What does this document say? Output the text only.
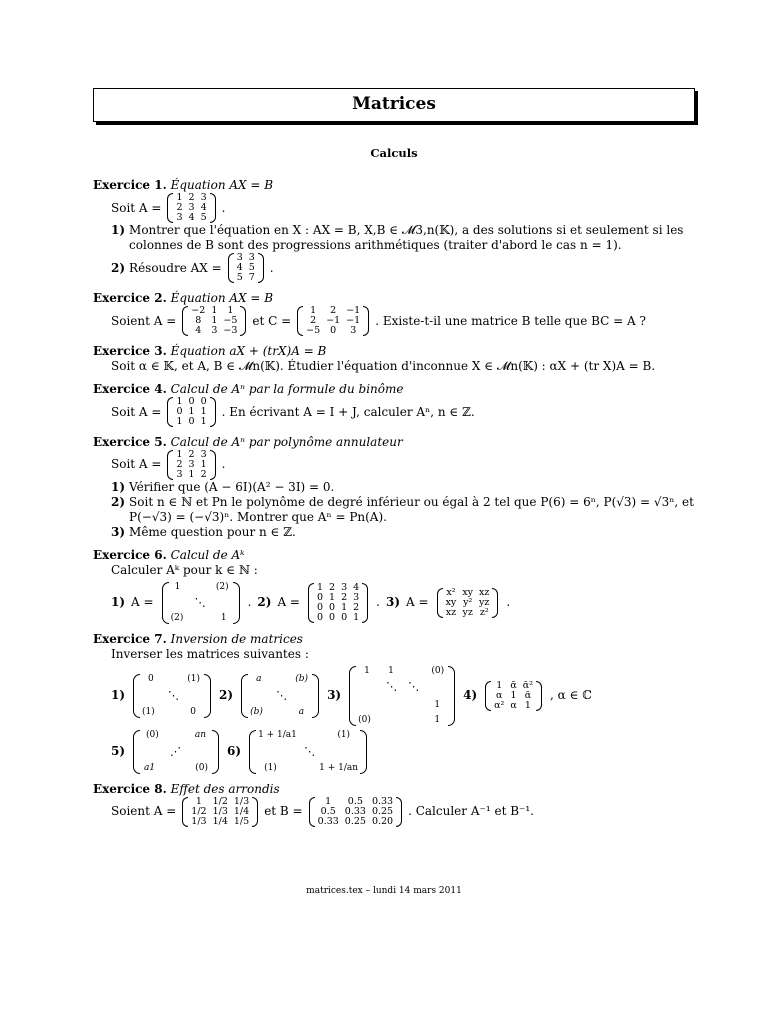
Matrices
Calculs
Exercice 1. Équation AX = B
Soit A =
1	2	3
2	3	4
3	4	5
.
1) Montrer que l'équation en X : AX = B, X,B ∈ 𝓜3,n(𝕂), a des solutions si et seulement si les colonnes de B sont des progressions arithmétiques (traiter d'abord le cas n = 1).
2) Résoudre AX =
3	3
4	5
5	7
.
Exercice 2. Équation AX = B
Soient A =
−2	1	1
8	1	−5
4	3	−3
et C =
1	2	−1
2	−1	−1
−5	0	3
. Existe-t-il une matrice B telle que BC = A ?
Exercice 3. Équation aX + (trX)A = B
Soit α ∈ 𝕂, et A, B ∈ 𝓜n(𝕂). Étudier l'équation d'inconnue X ∈ 𝓜n(𝕂) : αX + (tr X)A = B.
Exercice 4. Calcul de Aⁿ par la formule du binôme
Soit A =
1	0	0
0	1	1
1	0	1
. En écrivant A = I + J, calculer Aⁿ, n ∈ ℤ.
Exercice 5. Calcul de Aⁿ par polynôme annulateur
Soit A =
1	2	3
2	3	1
3	1	2
.
1) Vérifier que (A − 6I)(A² − 3I) = 0.
2) Soit n ∈ ℕ et Pn le polynôme de degré inférieur ou égal à 2 tel que P(6) = 6ⁿ, P(√3) = √3ⁿ, et P(−√3) = (−√3)ⁿ. Montrer que Aⁿ = Pn(A).
3) Même question pour n ∈ ℤ.
Exercice 6. Calcul de Aᵏ
Calculer Aᵏ pour k ∈ ℕ :
1) A =
1	(2)
⋱
(2)	1
. 2) A =
1	2	3	4
0	1	2	3
0	0	1	2
0	0	0	1
. 3) A =
x²	xy	xz
xy	y²	yz
xz	yz	z²
.
Exercice 7. Inversion de matrices
Inverser les matrices suivantes :
1)
0	(1)
⋱
(1)	0
2)
a	(b)
⋱
(b)	a
3)
1 1	(0)
⋱ ⋱
1
(0)	1
4)
1	ᾱ	ᾱ²
α	1	ᾱ
α²	α	1
, α ∈ ℂ
5)
(0)	an
⋰
a1	(0)
6)
1 + 1/a1	(1)
⋱
(1)	1 + 1/an
Exercice 8. Effet des arrondis
Soient A =
1	1/2	1/3
1/2	1/3	1/4
1/3	1/4	1/5
et B =
1	0.5	0.33
0.5	0.33	0.25
0.33	0.25	0.20
. Calculer A⁻¹ et B⁻¹.
matrices.tex – lundi 14 mars 2011
